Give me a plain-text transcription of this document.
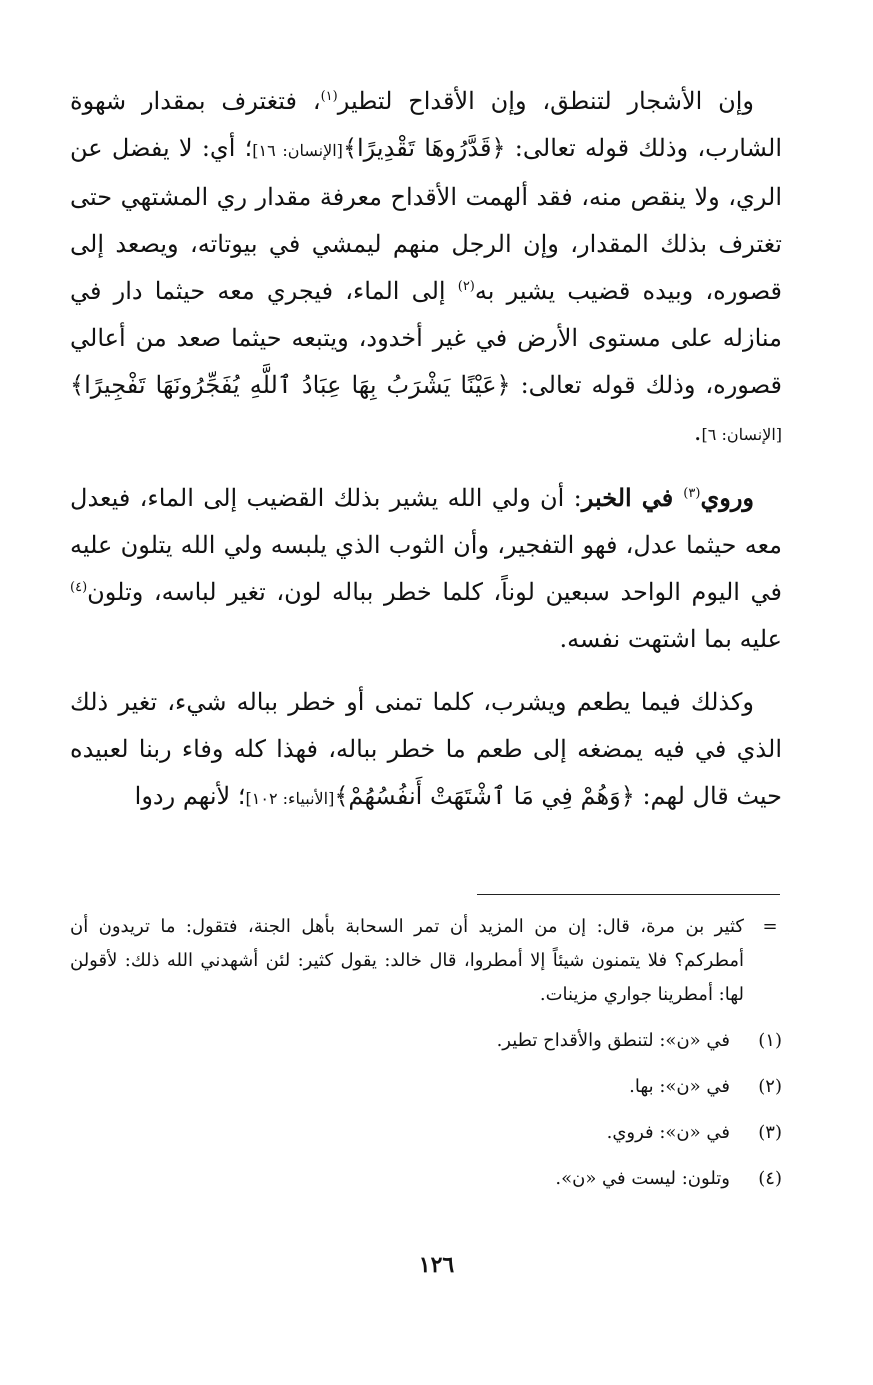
وإن الأشجار لتنطق، وإن الأقداح لتطير$^{(١)}$، فتغترف بمقدار شهوة الشارب، وذلك قوله تعالى: ﴿قَدَّرُوهَا تَقْدِيرًا﴾[الإنسان: ١٦]؛ أي: لا يفضل عن الري، ولا ينقص منه، فقد ألهمت الأقداح معرفة مقدار ري المشتهي حتى تغترف بذلك المقدار، وإن الرجل منهم ليمشي في بيوتاته، ويصعد إلى قصوره، وبيده قضيب يشير به$^{(٢)}$ إلى الماء، فيجري معه حيثما دار في منازله على مستوى الأرض في غير أخدود، ويتبعه حيثما صعد من أعالي قصوره، وذلك قوله تعالى: ﴿عَيْنًا يَشْرَبُ بِهَا عِبَادُ ٱللَّهِ يُفَجِّرُونَهَا تَفْجِيرًا﴾[الإنسان: ٦].

وروي$^{(٣)}$ في الخبر: أن ولي الله يشير بذلك القضيب إلى الماء، فيعدل معه حيثما عدل، فهو التفجير، وأن الثوب الذي يلبسه ولي الله يتلون عليه في اليوم الواحد سبعين لوناً، كلما خطر بباله لون، تغير لباسه، وتلون$^{(٤)}$ عليه بما اشتهت نفسه.

وكذلك فيما يطعم ويشرب، كلما تمنى أو خطر بباله شيء، تغير ذلك الذي في فيه يمضغه إلى طعم ما خطر بباله، فهذا كله وفاء ربنا لعبيده حيث قال لهم: ﴿وَهُمْ فِي مَا ٱشْتَهَتْ أَنفُسُهُمْ﴾[الأنبياء: ١٠٢]؛ لأنهم ردوا

=
كثير بن مرة، قال: إن من المزيد أن تمر السحابة بأهل الجنة، فتقول: ما تريدون أن أمطركم؟ فلا يتمنون شيئاً إلا أمطروا، قال خالد: يقول كثير: لئن أشهدني الله ذلك: لأقولن لها: أمطرينا جواري مزينات.
(١)
في «ن»: لتنطق والأقداح تطير.
(٢)
في «ن»: بها.
(٣)
في «ن»: فروي.
(٤)
وتلون: ليست في «ن».
١٢٦
